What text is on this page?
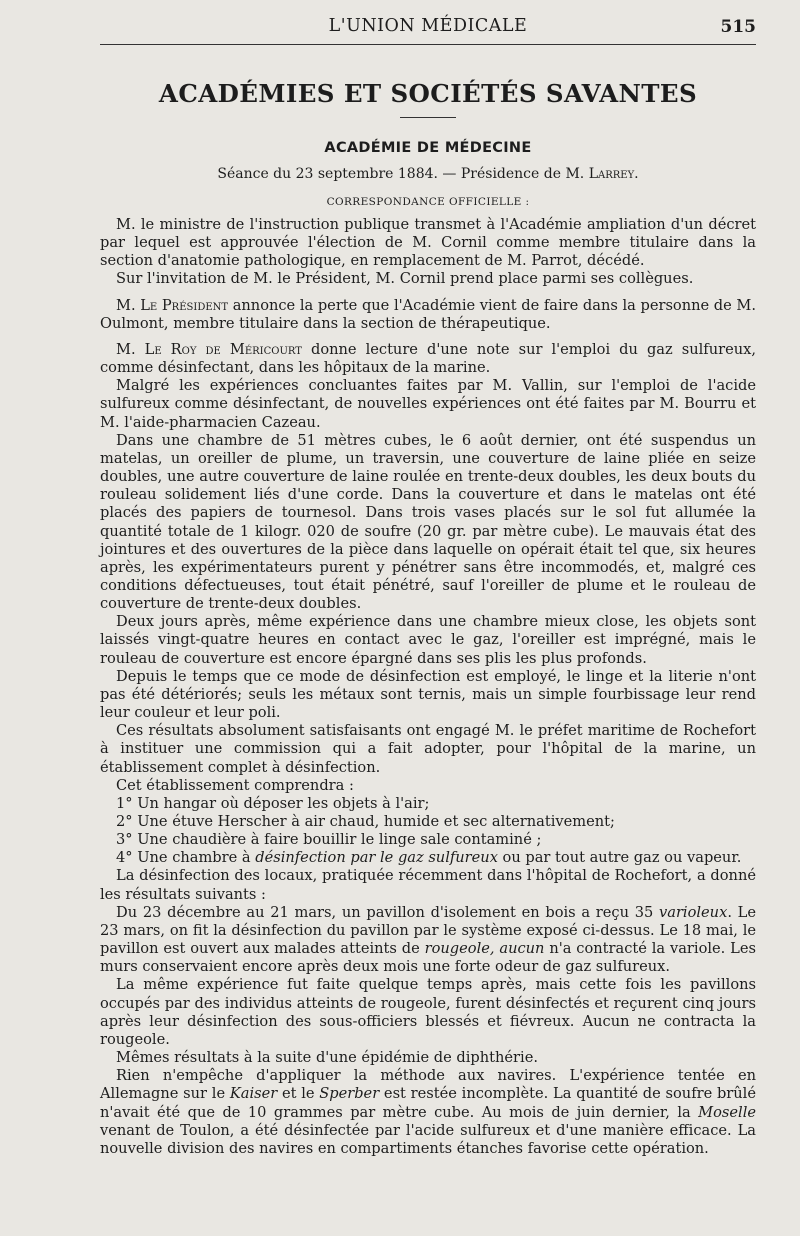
L'UNION MÉDICALE	515
ACADÉMIES ET SOCIÉTÉS SAVANTES
ACADÉMIE DE MÉDECINE
Séance du 23 septembre 1884. — Présidence de M. Larrey.
CORRESPONDANCE OFFICIELLE :

M. le ministre de l'instruction publique transmet à l'Académie ampliation d'un décret par lequel est approuvée l'élection de M. Cornil comme membre titulaire dans la section d'anatomie pathologique, en remplacement de M. Parrot, décédé.

Sur l'invitation de M. le Président, M. Cornil prend place parmi ses collègues.

M. Le Président annonce la perte que l'Académie vient de faire dans la personne de M. Oulmont, membre titulaire dans la section de thérapeutique.

M. Le Roy de Méricourt donne lecture d'une note sur l'emploi du gaz sulfureux, comme désinfectant, dans les hôpitaux de la marine.

Malgré les expériences concluantes faites par M. Vallin, sur l'emploi de l'acide sulfureux comme désinfectant, de nouvelles expériences ont été faites par M. Bourru et M. l'aide-pharmacien Cazeau.

Dans une chambre de 51 mètres cubes, le 6 août dernier, ont été suspendus un matelas, un oreiller de plume, un traversin, une couverture de laine pliée en seize doubles, une autre couverture de laine roulée en trente-deux doubles, les deux bouts du rouleau solidement liés d'une corde. Dans la couverture et dans le matelas ont été placés des papiers de tournesol. Dans trois vases placés sur le sol fut allumée la quantité totale de 1 kilogr. 020 de soufre (20 gr. par mètre cube). Le mauvais état des jointures et des ouvertures de la pièce dans laquelle on opérait était tel que, six heures après, les expérimentateurs purent y pénétrer sans être incommodés, et, malgré ces conditions défectueuses, tout était pénétré, sauf l'oreiller de plume et le rouleau de couverture de trente-deux doubles.

Deux jours après, même expérience dans une chambre mieux close, les objets sont laissés vingt-quatre heures en contact avec le gaz, l'oreiller est imprégné, mais le rouleau de couverture est encore épargné dans ses plis les plus profonds.

Depuis le temps que ce mode de désinfection est employé, le linge et la literie n'ont pas été détériorés; seuls les métaux sont ternis, mais un simple fourbissage leur rend leur couleur et leur poli.

Ces résultats absolument satisfaisants ont engagé M. le préfet maritime de Rochefort à instituer une commission qui a fait adopter, pour l'hôpital de la marine, un établissement complet à désinfection.

Cet établissement comprendra :

1° Un hangar où déposer les objets à l'air;

2° Une étuve Herscher à air chaud, humide et sec alternativement;

3° Une chaudière à faire bouillir le linge sale contaminé ;

4° Une chambre à désinfection par le gaz sulfureux ou par tout autre gaz ou vapeur.

La désinfection des locaux, pratiquée récemment dans l'hôpital de Rochefort, a donné les résultats suivants :

Du 23 décembre au 21 mars, un pavillon d'isolement en bois a reçu 35 varioleux. Le 23 mars, on fit la désinfection du pavillon par le système exposé ci-dessus. Le 18 mai, le pavillon est ouvert aux malades atteints de rougeole, aucun n'a contracté la variole. Les murs conservaient encore après deux mois une forte odeur de gaz sulfureux.

La même expérience fut faite quelque temps après, mais cette fois les pavillons occupés par des individus atteints de rougeole, furent désinfectés et reçurent cinq jours après leur désinfection des sous-officiers blessés et fiévreux. Aucun ne contracta la rougeole.

Mêmes résultats à la suite d'une épidémie de diphthérie.

Rien n'empêche d'appliquer la méthode aux navires. L'expérience tentée en Allemagne sur le Kaiser et le Sperber est restée incomplète. La quantité de soufre brûlé n'avait été que de 10 grammes par mètre cube. Au mois de juin dernier, la Moselle venant de Toulon, a été désinfectée par l'acide sulfureux et d'une manière efficace. La nouvelle division des navires en compartiments étanches favorise cette opération.
